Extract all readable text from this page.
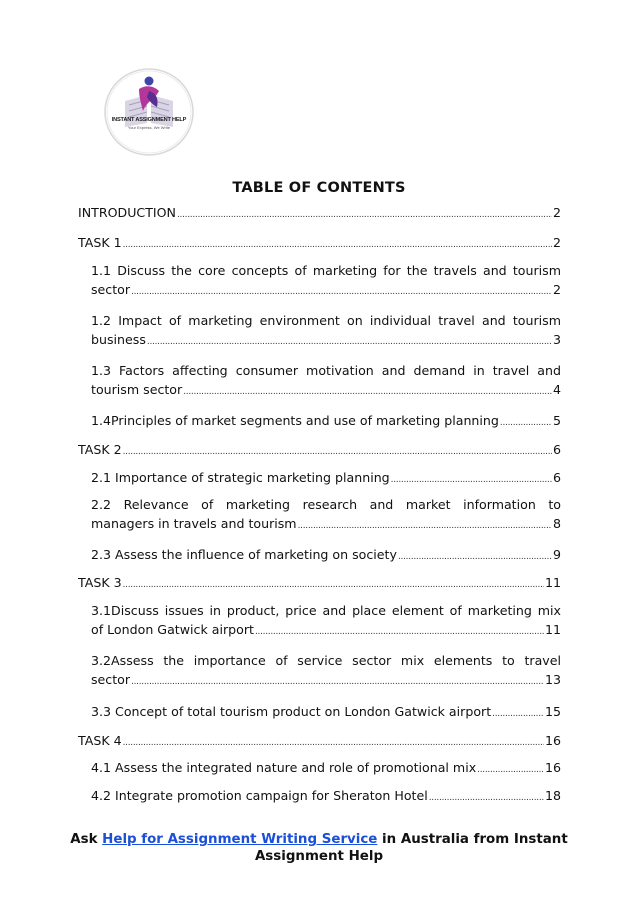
INSTANT ASSIGNMENT HELP
Your Express, We Write
TABLE OF CONTENTS
INTRODUCTION .....	2
TASK 1 .....	2
1.1 Discuss the core concepts of marketing for the travels and tourism
sector .....	2
1.2 Impact of marketing environment on individual travel and tourism
business .....	3
1.3 Factors affecting consumer motivation and demand in travel and
tourism sector .....	4
1.4Principles of market segments and use of marketing planning .....	5
TASK 2 .....	6
2.1 Importance of strategic marketing planning .....	6
2.2 Relevance of marketing research and market information to
managers in travels and tourism .....	8
2.3 Assess the influence of marketing on society .....	9
TASK 3 .....	11
3.1Discuss issues in product, price and place element of marketing mix
of London Gatwick airport .....	11
3.2Assess the importance of service sector mix elements to travel
sector .....	13
3.3 Concept of total tourism product on London Gatwick airport .....	15
TASK 4 .....	16
4.1 Assess the integrated nature and role of promotional mix .....	16
4.2 Integrate promotion campaign for Sheraton Hotel .....	18
Ask Help for Assignment Writing Service in Australia from Instant Assignment Help
